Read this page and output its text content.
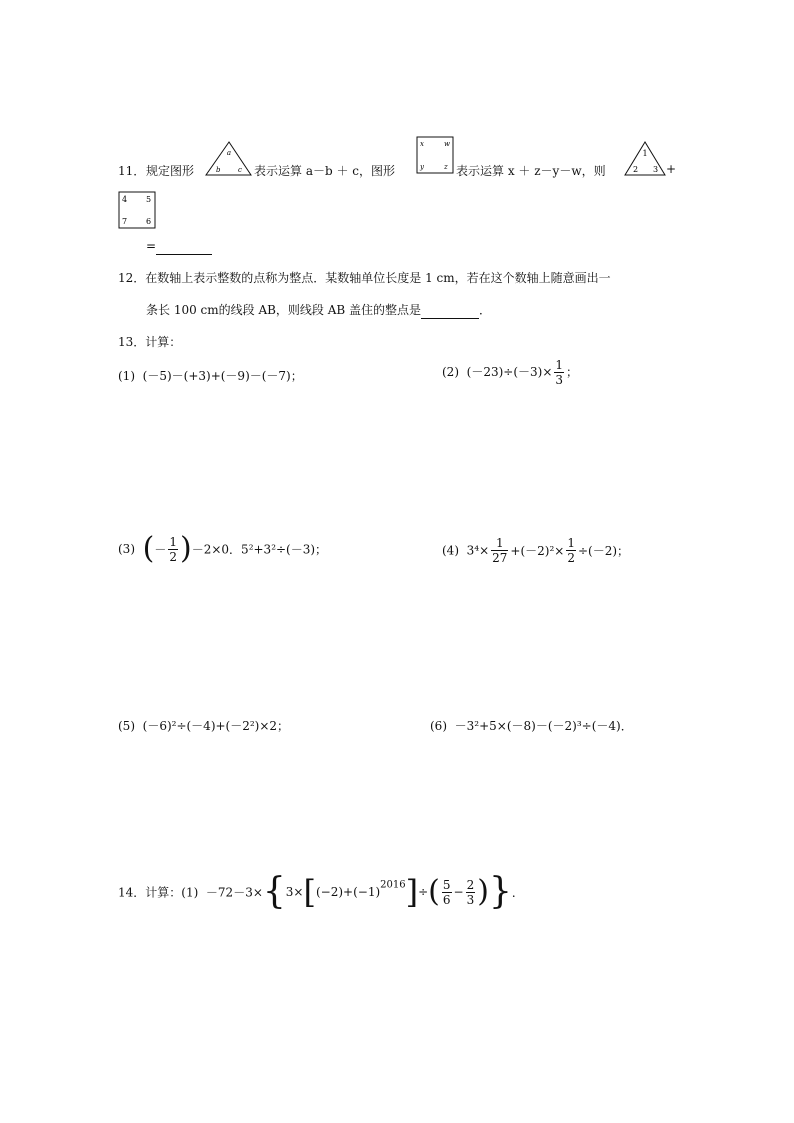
11． 规定图形
a
b	c 表示运算 a－b ＋ c，图形
x	w
y	z 表示运算 x ＋ z－y－w，则
1
2 3 +
4 5
7 6
=
12．在数轴上表示整数的点称为整点．某数轴单位长度是 1 cm，若在这个数轴上随意画出一
条长 100 cm的线段 AB，则线段 AB 盖住的整点是	．
13．计算：
(1) (－5)－(+3)+(－9)－(－7)；	(2) $(-23)\div(-3)\times \frac{1}{3}$ ；
(3) (－ $\frac{1}{2} )-2\times 0$．5²+3²÷(－3)；	(4) $3^4\times \frac{1}{27} +(-2)^2\times \frac{1}{2} \div(-2)$；
(5) (－6)²÷(－4)+(－2²)×2；	(6) －3²+5×(－8)－(－2)³÷(－4)．
14．计算：$(1) -72-3\times\{3\times[(-2)+(-1)^{2016}]\div( \frac{5}{6} - \frac{2}{3}$ )}．
